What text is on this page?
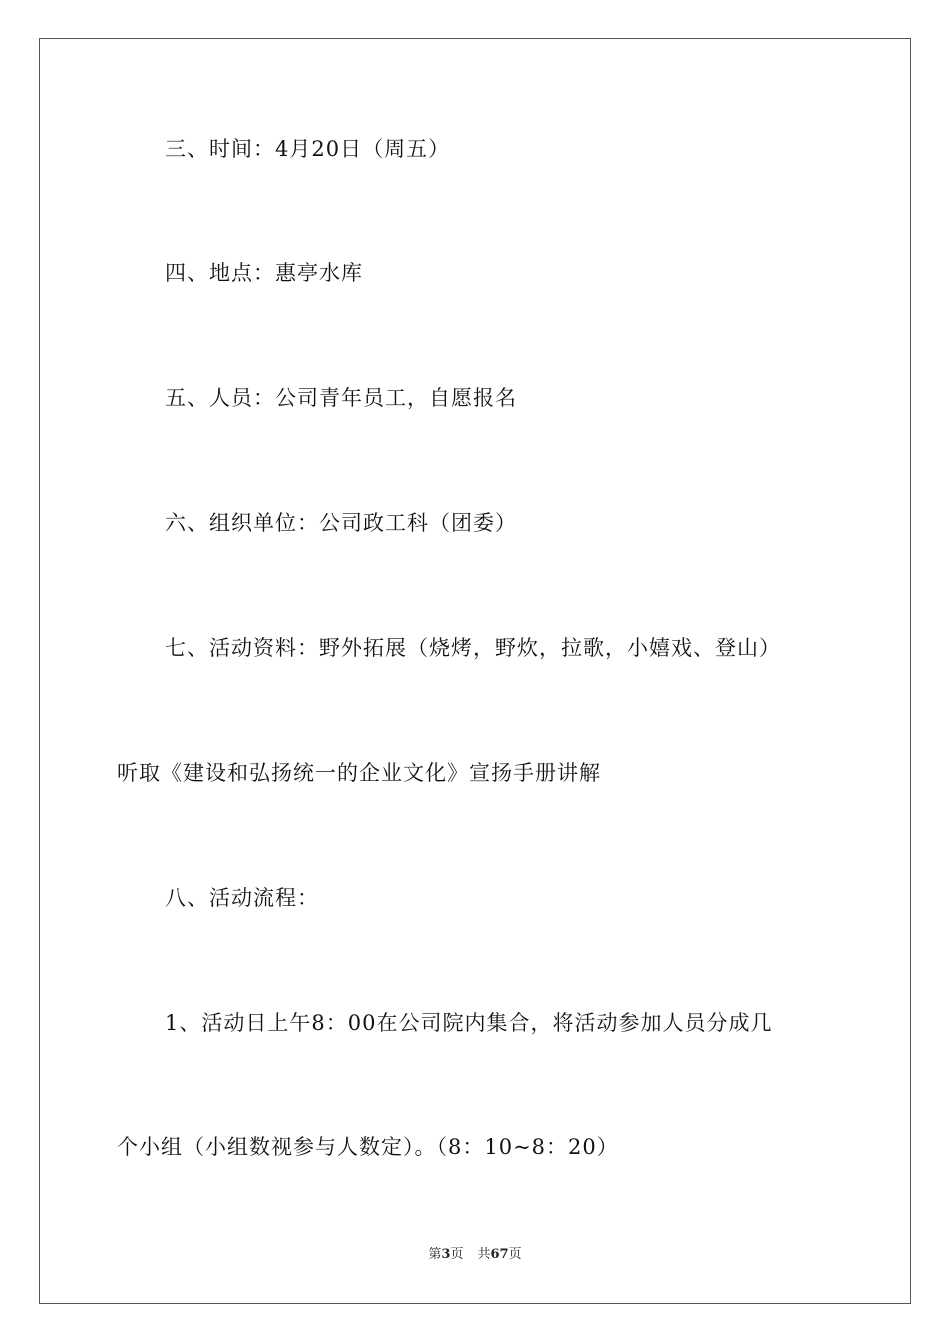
三、时间：4月20日（周五）
四、地点：惠亭水库
五、人员：公司青年员工，自愿报名
六、组织单位：公司政工科（团委）
七、活动资料：野外拓展（烧烤，野炊，拉歌，小嬉戏、登山）
听取《建设和弘扬统一的企业文化》宣扬手册讲解
八、活动流程：
1、活动日上午8：00在公司院内集合，将活动参加人员分成几
个小组（小组数视参与人数定）。（8：10~8：20）
第3页 共67页
